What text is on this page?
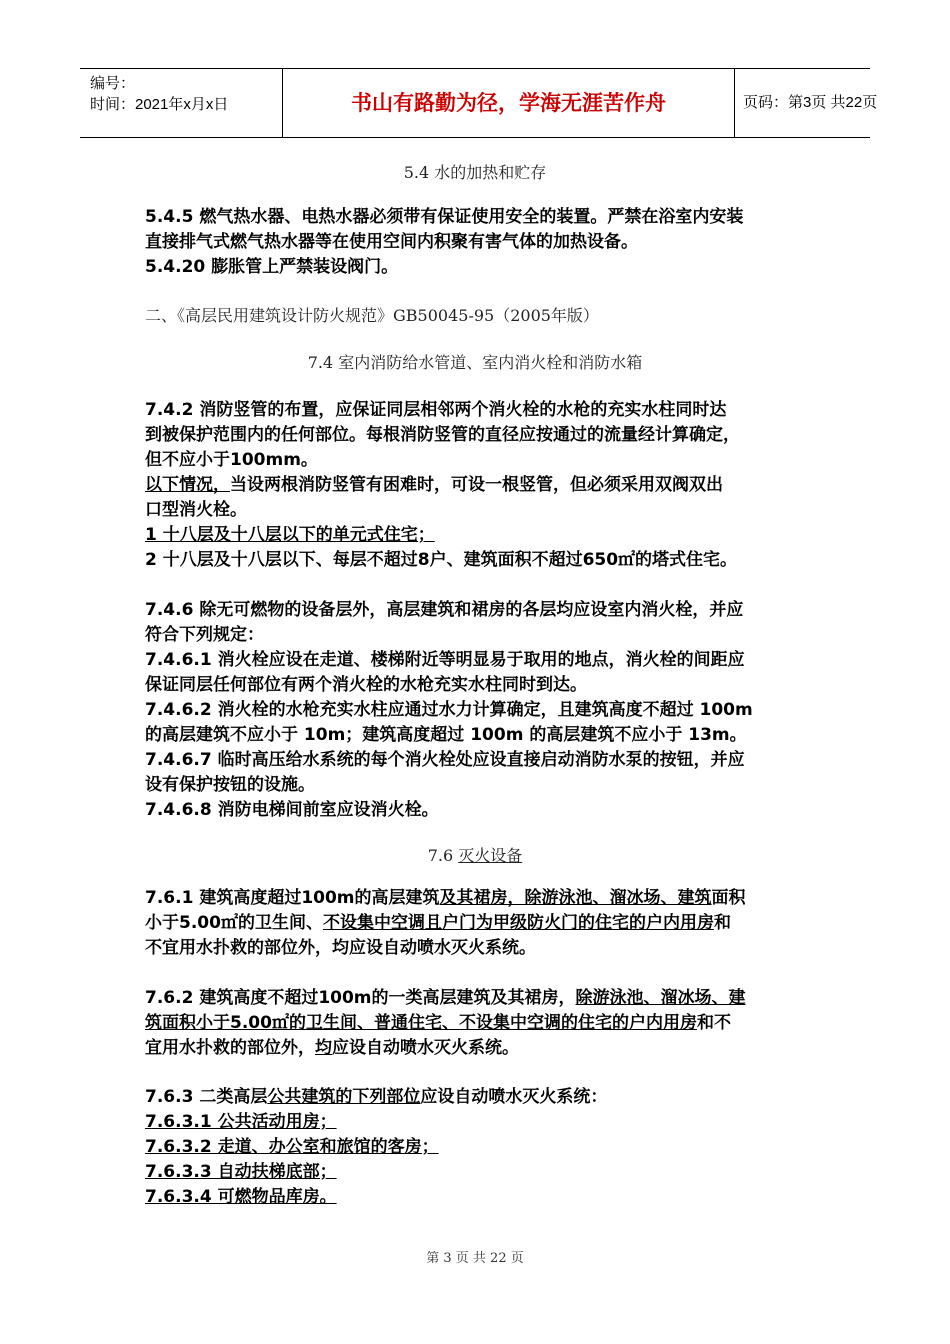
编号：
时间：2021年x月x日	书山有路勤为径，学海无涯苦作舟	页码：第3页 共22页

5.4 水的加热和贮存

5.4.5 燃气热水器、电热水器必须带有保证使用安全的装置。严禁在浴室内安装
直接排气式燃气热水器等在使用空间内积聚有害气体的加热设备。
5.4.20 膨胀管上严禁装设阀门。

二、《高层民用建筑设计防火规范》GB50045-95（2005年版）

7.4 室内消防给水管道、室内消火栓和消防水箱

7.4.2 消防竖管的布置，应保证同层相邻两个消火栓的水枪的充实水柱同时达
到被保护范围内的任何部位。每根消防竖管的直径应按通过的流量经计算确定，
但不应小于100mm。
以下情况，当设两根消防竖管有困难时，可设一根竖管，但必须采用双阀双出
口型消火栓。
1 十八层及十八层以下的单元式住宅；
2 十八层及十八层以下、每层不超过8户、建筑面积不超过650㎡的塔式住宅。
7.4.6 除无可燃物的设备层外，高层建筑和裙房的各层均应设室内消火栓，并应
符合下列规定：
7.4.6.1 消火栓应设在走道、楼梯附近等明显易于取用的地点，消火栓的间距应
保证同层任何部位有两个消火栓的水枪充实水柱同时到达。
7.4.6.2 消火栓的水枪充实水柱应通过水力计算确定，且建筑高度不超过 100m
的高层建筑不应小于 10m；建筑高度超过 100m 的高层建筑不应小于 13m。
7.4.6.7 临时高压给水系统的每个消火栓处应设直接启动消防水泵的按钮，并应
设有保护按钮的设施。
7.4.6.8 消防电梯间前室应设消火栓。

7.6 灭火设备

7.6.1 建筑高度超过100m的高层建筑及其裙房，除游泳池、溜冰场、建筑面积
小于5.00㎡的卫生间、不设集中空调且户门为甲级防火门的住宅的户内用房和
不宜用水扑救的部位外，均应设自动喷水灭火系统。
7.6.2 建筑高度不超过100m的一类高层建筑及其裙房，除游泳池、溜冰场、建
筑面积小于5.00㎡的卫生间、普通住宅、不设集中空调的住宅的户内用房和不
宜用水扑救的部位外，均应设自动喷水灭火系统。
7.6.3 二类高层公共建筑的下列部位应设自动喷水灭火系统：
7.6.3.1 公共活动用房；
7.6.3.2 走道、办公室和旅馆的客房；
7.6.3.3 自动扶梯底部；
7.6.3.4 可燃物品库房。
第 3 页 共 22 页
